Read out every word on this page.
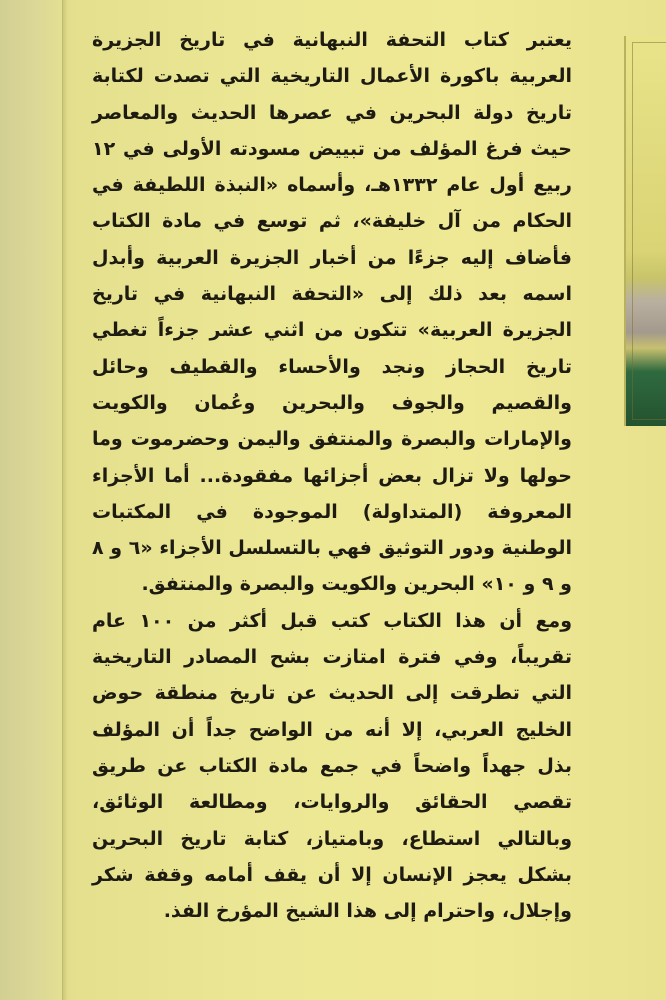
يعتبر كتاب التحفة النبهانية في تاريخ الجزيرة العربية باكورة الأعمال التاريخية التي تصدت لكتابة تاريخ دولة البحرين في عصرها الحديث والمعاصر حيث فرغ المؤلف من تبييض مسودته الأولى في ١٢ ربيع أول عام ١٣٣٢هـ، وأسماه «النبذة اللطيفة في الحكام من آل خليفة»، ثم توسع في مادة الكتاب فأضاف إليه جزءًا من أخبار الجزيرة العربية وأبدل اسمه بعد ذلك إلى «التحفة النبهانية في تاريخ الجزيرة العربية» تتكون من اثني عشر جزءاً تغطي تاريخ الحجاز ونجد والأحساء والقطيف وحائل والقصيم والجوف والبحرين وعُمان والكويت والإمارات والبصرة والمنتفق واليمن وحضرموت وما حولها ولا تزال بعض أجزائها مفقودة... أما الأجزاء المعروفة (المتداولة) الموجودة في المكتبات الوطنية ودور التوثيق فهي بالتسلسل الأجزاء «٦ و ٨ و ٩ و ١٠» البحرين والكويت والبصرة والمنتفق.

ومع أن هذا الكتاب كتب قبل أكثر من ١٠٠ عام تقريباً، وفي فترة امتازت بشح المصادر التاريخية التي تطرقت إلى الحديث عن تاريخ منطقة حوض الخليج العربي، إلا أنه من الواضح جداً أن المؤلف بذل جهداً واضحاً في جمع مادة الكتاب عن طريق تقصي الحقائق والروايات، ومطالعة الوثائق، وبالتالي استطاع، وبامتياز، كتابة تاريخ البحرين بشكل يعجز الإنسان إلا أن يقف أمامه وقفة شكر وإجلال، واحترام إلى هذا الشيخ المؤرخ الفذ.
